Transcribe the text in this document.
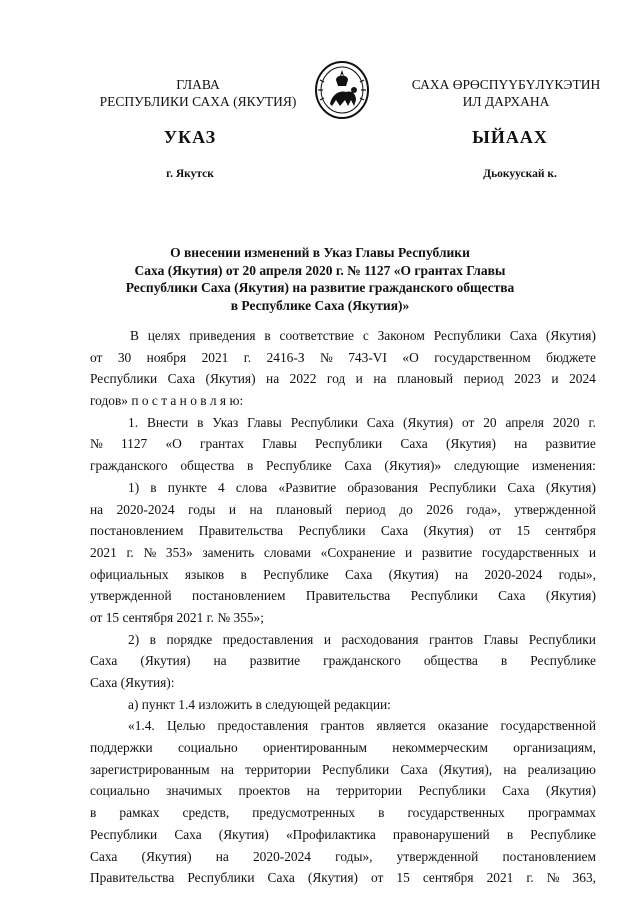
ГЛАВА
РЕСПУБЛИКИ САХА (ЯКУТИЯ)
САХА ӨРӨСПҮҮБҮЛҮКЭТИН
ИЛ ДАРХАНА
УКАЗ	ЫЙААХ
г. Якутск	Дьокуускай к.
О внесении изменений в Указ Главы Республики
Саха (Якутия) от 20 апреля 2020 г. № 1127 «О грантах Главы
Республики Саха (Якутия) на развитие гражданского общества
в Республике Саха (Якутия)»
В целях приведения в соответствие с Законом Республики Саха (Якутия)
от 30 ноября 2021 г. 2416-З № 743-VI «О государственном бюджете
Республики Саха (Якутия) на 2022 год и на плановый период 2023 и 2024
годов» п о с т а н о в л я ю:
1. Внести в Указ Главы Республики Саха (Якутия) от 20 апреля 2020 г.
№ 1127 «О грантах Главы Республики Саха (Якутия) на развитие
гражданского общества в Республике Саха (Якутия)» следующие изменения:
1) в пункте 4 слова «Развитие образования Республики Саха (Якутия)
на 2020-2024 годы и на плановый период до 2026 года», утвержденной
постановлением Правительства Республики Саха (Якутия) от 15 сентября
2021 г. № 353» заменить словами «Сохранение и развитие государственных и
официальных языков в Республике Саха (Якутия) на 2020-2024 годы»,
утвержденной постановлением Правительства Республики Саха (Якутия)
от 15 сентября 2021 г. № 355»;
2) в порядке предоставления и расходования грантов Главы Республики
Саха (Якутия) на развитие гражданского общества в Республике
Саха (Якутия):
а) пункт 1.4 изложить в следующей редакции:
«1.4. Целью предоставления грантов является оказание государственной
поддержки социально ориентированным некоммерческим организациям,
зарегистрированным на территории Республики Саха (Якутия), на реализацию
социально значимых проектов на территории Республики Саха (Якутия)
в рамках средств, предусмотренных в государственных программах
Республики Саха (Якутия) «Профилактика правонарушений в Республике
Саха (Якутия) на 2020-2024 годы», утвержденной постановлением
Правительства Республики Саха (Якутия) от 15 сентября 2021 г. № 363,
